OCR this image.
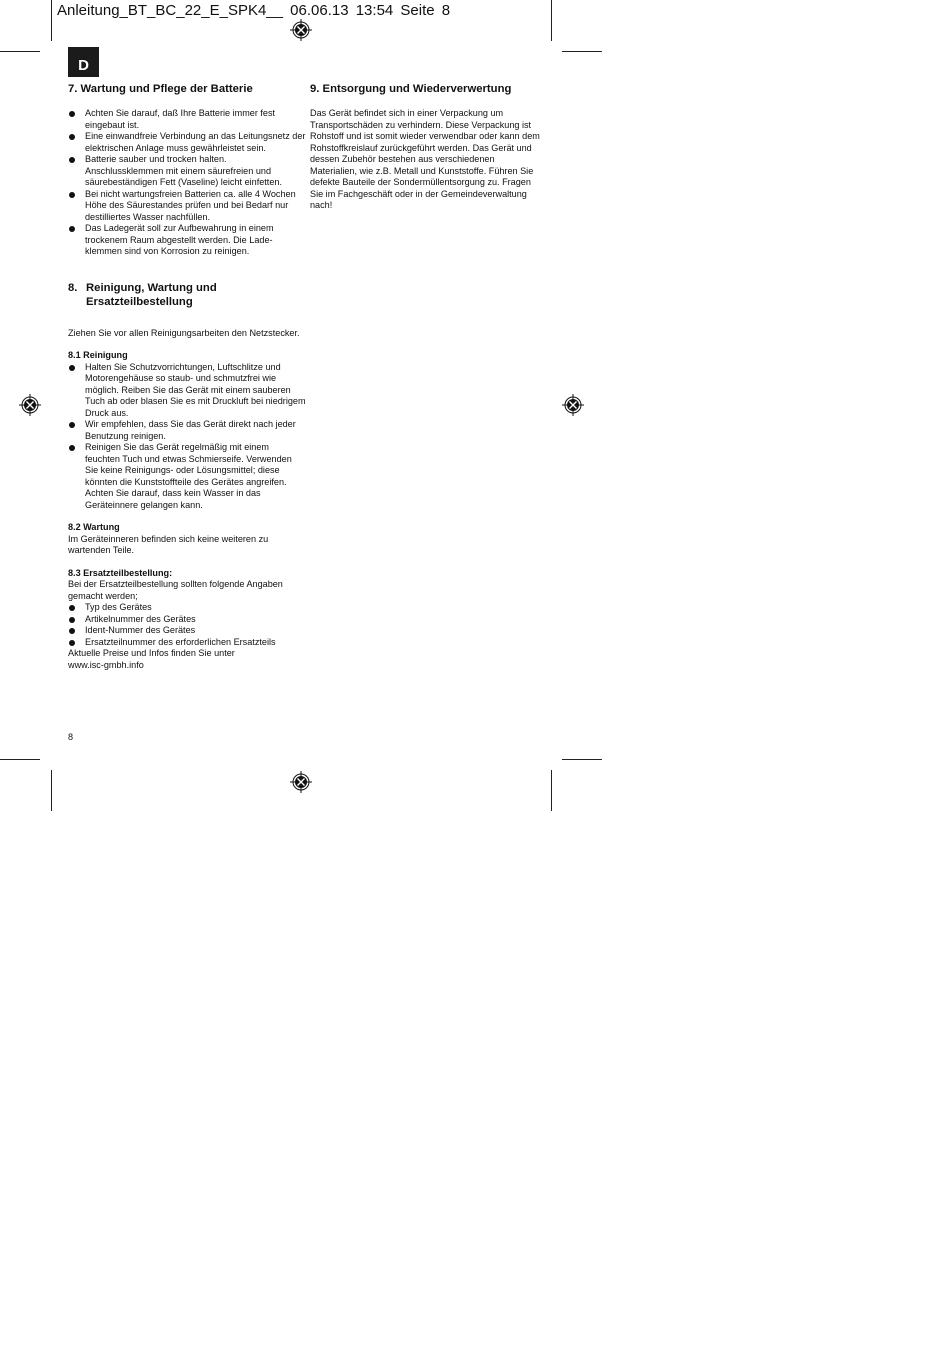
Anleitung_BT_BC_22_E_SPK4__ 06.06.13 13:54 Seite 8
D
7. Wartung und Pflege der Batterie
Achten Sie darauf, daß Ihre Batterie immer fest eingebaut ist.
Eine einwandfreie Verbindung an das Leitungsnetz der elektrischen Anlage muss gewährleistet sein.
Batterie sauber und trocken halten. Anschlussklemmen mit einem säurefreien und säurebeständigen Fett (Vaseline) leicht einfetten.
Bei nicht wartungsfreien Batterien ca. alle 4 Wochen Höhe des Säurestandes prüfen und bei Bedarf nur destilliertes Wasser nachfüllen.
Das Ladegerät soll zur Aufbewahrung in einem trockenem Raum abgestellt werden. Die Lade-klemmen sind von Korrosion zu reinigen.
8. Reinigung, Wartung und Ersatzteilbestellung

Ziehen Sie vor allen Reinigungsarbeiten den Netzstecker.

8.1 Reinigung

Halten Sie Schutzvorrichtungen, Luftschlitze und Motorengehäuse so staub- und schmutzfrei wie möglich. Reiben Sie das Gerät mit einem sauberen Tuch ab oder blasen Sie es mit Druckluft bei niedrigem Druck aus.
Wir empfehlen, dass Sie das Gerät direkt nach jeder Benutzung reinigen.
Reinigen Sie das Gerät regelmäßig mit einem feuchten Tuch und etwas Schmierseife. Verwenden Sie keine Reinigungs- oder Lösungsmittel; diese könnten die Kunststoffteile des Gerätes angreifen. Achten Sie darauf, dass kein Wasser in das Geräteinnere gelangen kann.

8.2 Wartung

Im Geräteinneren befinden sich keine weiteren zu wartenden Teile.

8.3 Ersatzteilbestellung:

Bei der Ersatzteilbestellung sollten folgende Angaben gemacht werden;

Typ des Gerätes
Artikelnummer des Gerätes
Ident-Nummer des Gerätes
Ersatzteilnummer des erforderlichen Ersatzteils

Aktuelle Preise und Infos finden Sie unter www.isc-gmbh.info

9. Entsorgung und Wiederverwertung

Das Gerät befindet sich in einer Verpackung um Transportschäden zu verhindern. Diese Verpackung ist Rohstoff und ist somit wieder verwendbar oder kann dem Rohstoffkreislauf zurückgeführt werden. Das Gerät und dessen Zubehör bestehen aus verschiedenen Materialien, wie z.B. Metall und Kunststoffe. Führen Sie defekte Bauteile der Sondermüllentsorgung zu. Fragen Sie im Fachgeschäft oder in der Gemeindeverwaltung nach!

8
